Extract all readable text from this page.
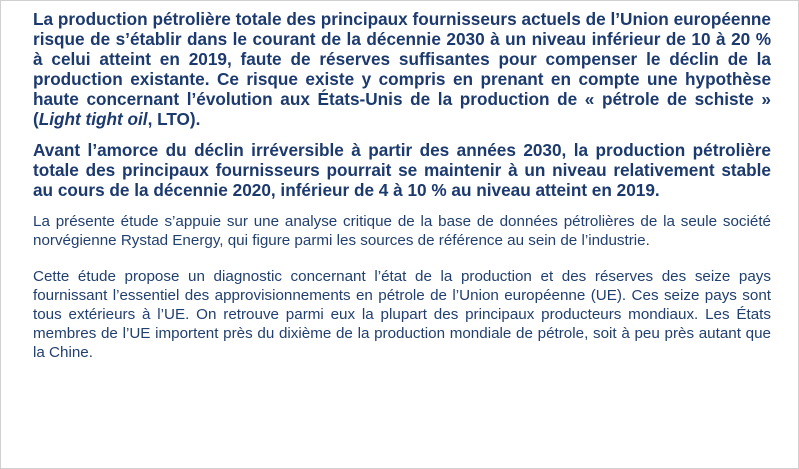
La production pétrolière totale des principaux fournisseurs actuels de l’Union européenne risque de s’établir dans le courant de la décennie 2030 à un niveau inférieur de 10 à 20 % à celui atteint en 2019, faute de réserves suffisantes pour compenser le déclin de la production existante. Ce risque existe y compris en prenant en compte une hypothèse haute concernant l’évolution aux États-Unis de la production de « pétrole de schiste » (Light tight oil, LTO).

Avant l’amorce du déclin irréversible à partir des années 2030, la production pétrolière totale des principaux fournisseurs pourrait se maintenir à un niveau relativement stable au cours de la décennie 2020, inférieur de 4 à 10 % au niveau atteint en 2019.

La présente étude s’appuie sur une analyse critique de la base de données pétrolières de la seule société norvégienne Rystad Energy, qui figure parmi les sources de référence au sein de l’industrie.

Cette étude propose un diagnostic concernant l’état de la production et des réserves des seize pays fournissant l’essentiel des approvisionnements en pétrole de l’Union européenne (UE). Ces seize pays sont tous extérieurs à l’UE. On retrouve parmi eux la plupart des principaux producteurs mondiaux. Les États membres de l’UE importent près du dixième de la production mondiale de pétrole, soit à peu près autant que la Chine.
